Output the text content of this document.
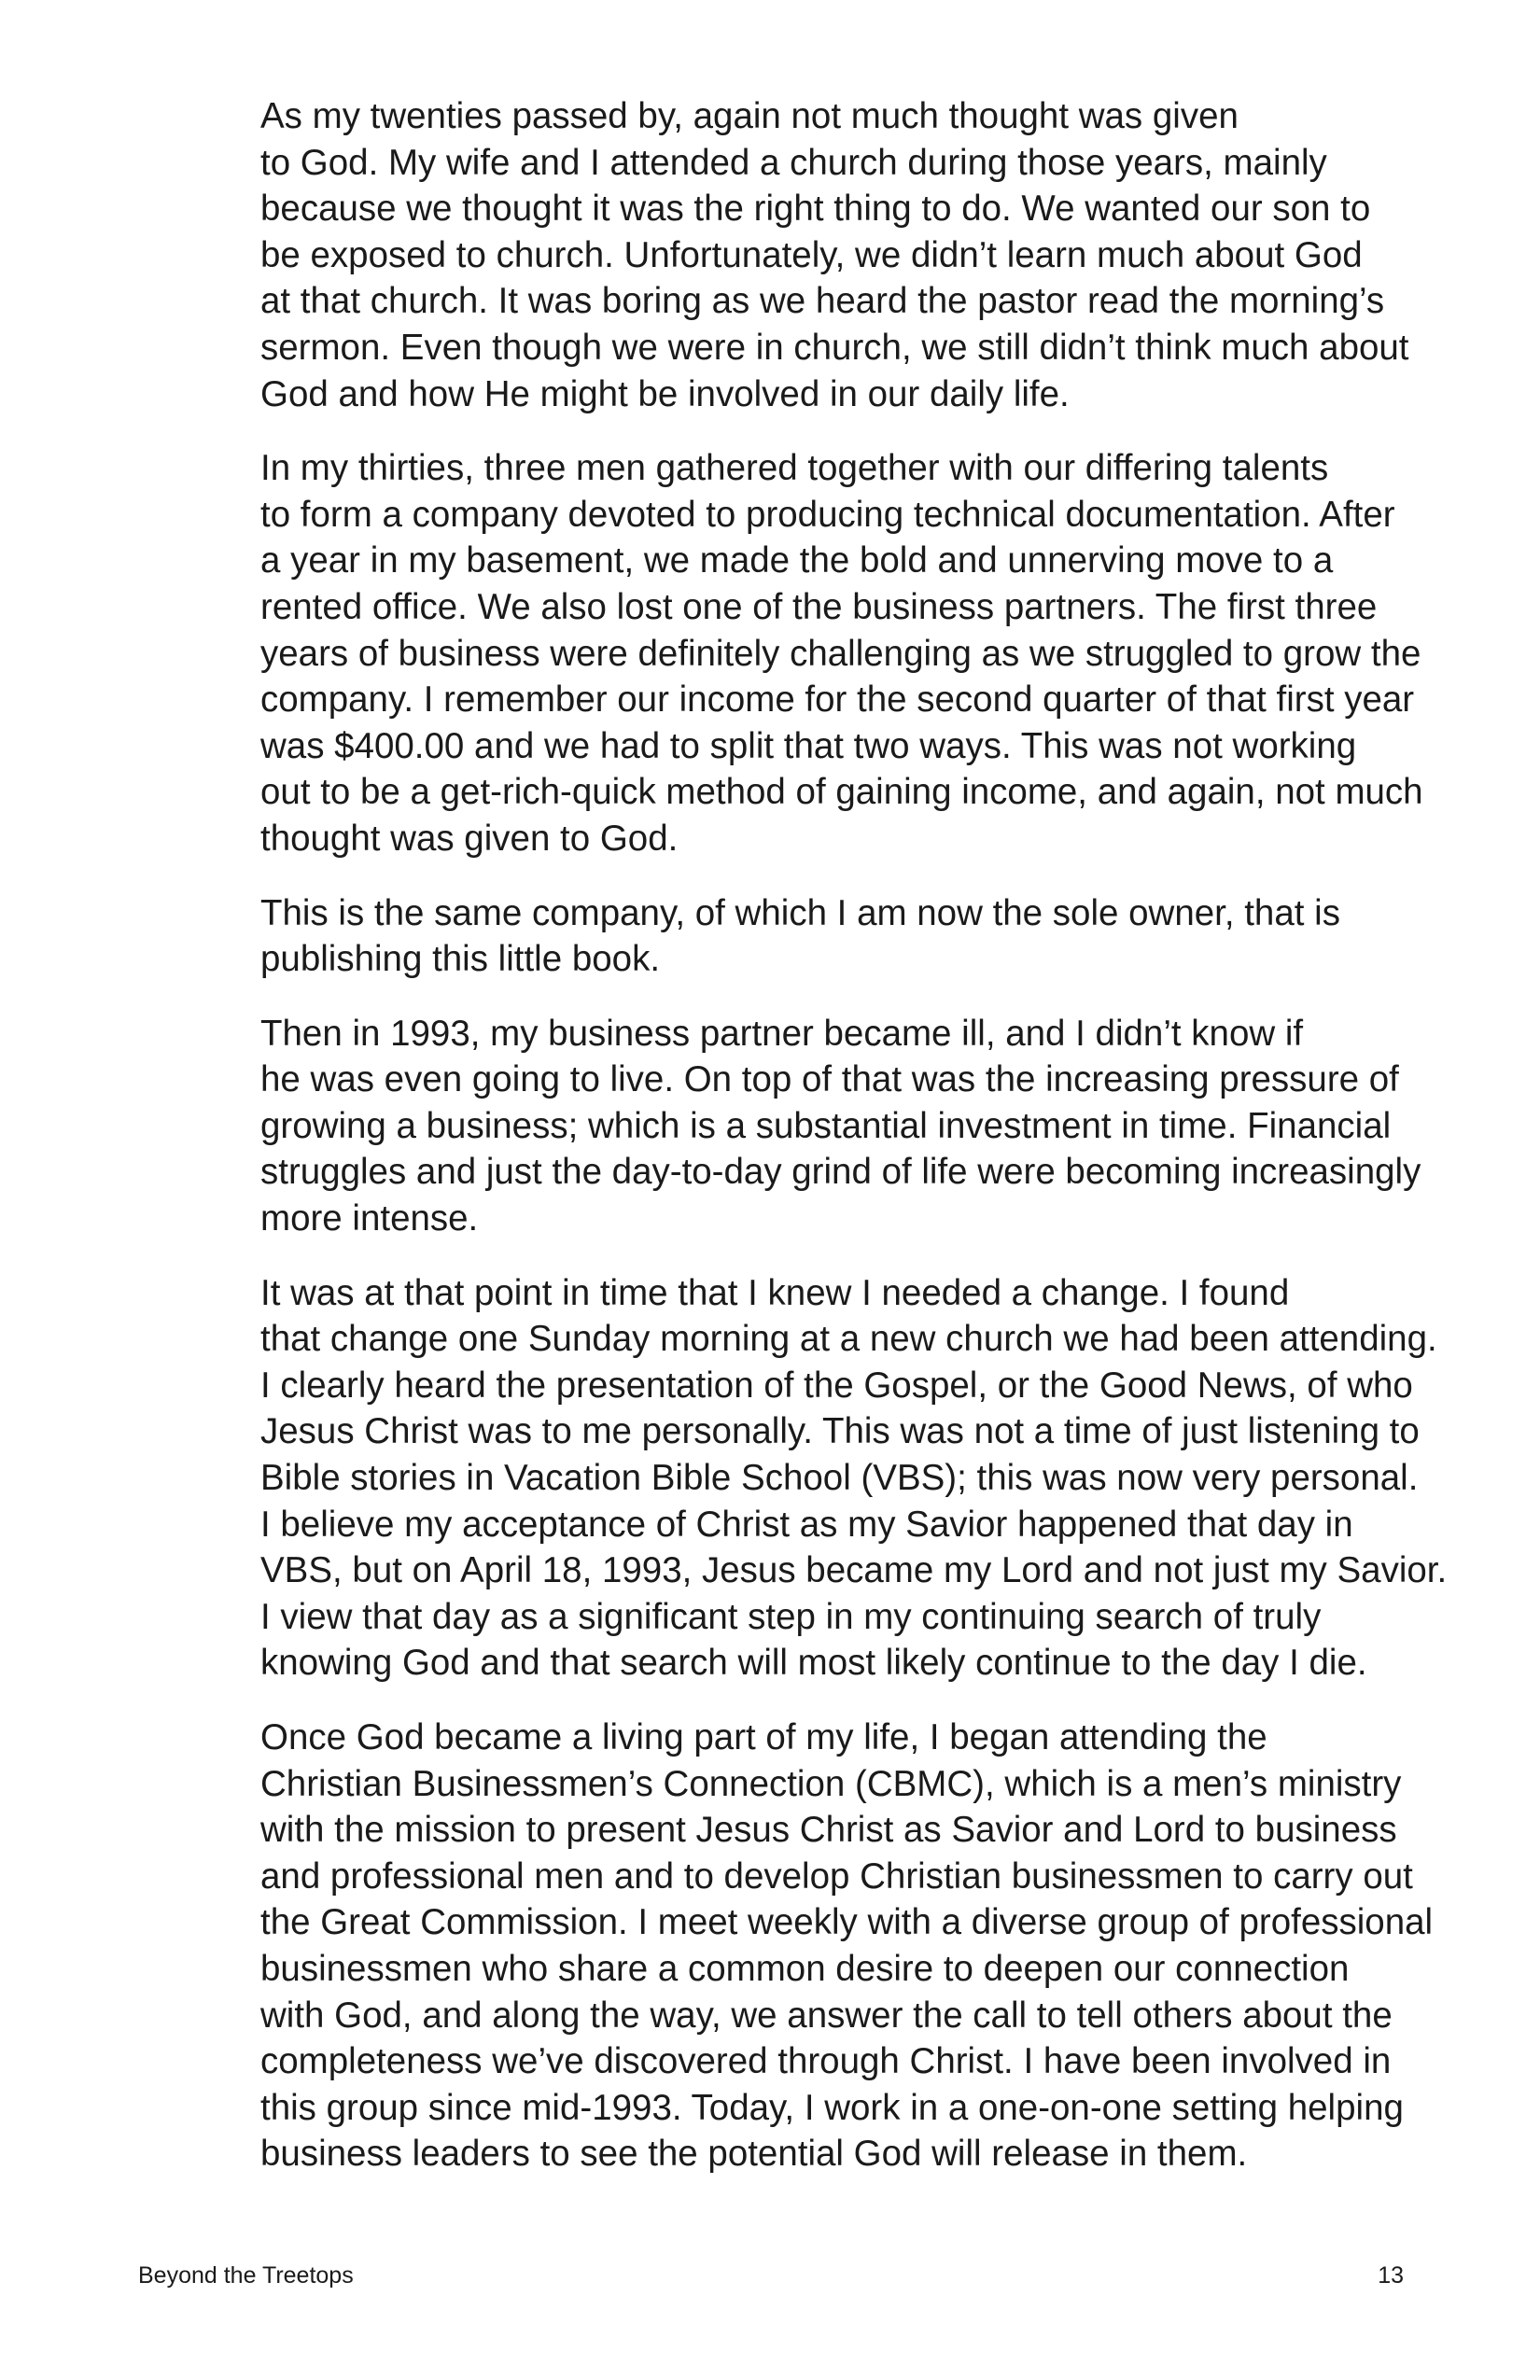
As my twenties passed by, again not much thought was given
to God. My wife and I attended a church during those years, mainly
because we thought it was the right thing to do. We wanted our son to
be exposed to church. Unfortunately, we didn’t learn much about God
at that church. It was boring as we heard the pastor read the morning’s
sermon. Even though we were in church, we still didn’t think much about
God and how He might be involved in our daily life.

In my thirties, three men gathered together with our differing talents
to form a company devoted to producing technical documentation. After
a year in my basement, we made the bold and unnerving move to a
rented office. We also lost one of the business partners. The first three
years of business were definitely challenging as we struggled to grow the
company. I remember our income for the second quarter of that first year
was $400.00 and we had to split that two ways. This was not working
out to be a get-rich-quick method of gaining income, and again, not much
thought was given to God.

This is the same company, of which I am now the sole owner, that is
publishing this little book.

Then in 1993, my business partner became ill, and I didn’t know if
he was even going to live. On top of that was the increasing pressure of
growing a business; which is a substantial investment in time. Financial
struggles and just the day-to-day grind of life were becoming increasingly
more intense.

It was at that point in time that I knew I needed a change. I found
that change one Sunday morning at a new church we had been attending.
I clearly heard the presentation of the Gospel, or the Good News, of who
Jesus Christ was to me personally. This was not a time of just listening to
Bible stories in Vacation Bible School (VBS); this was now very personal.
I believe my acceptance of Christ as my Savior happened that day in
VBS, but on April 18, 1993, Jesus became my Lord and not just my Savior.
I view that day as a significant step in my continuing search of truly
knowing God and that search will most likely continue to the day I die.

Once God became a living part of my life, I began attending the
Christian Businessmen’s Connection (CBMC), which is a men’s ministry
with the mission to present Jesus Christ as Savior and Lord to business
and professional men and to develop Christian businessmen to carry out
the Great Commission. I meet weekly with a diverse group of professional
businessmen who share a common desire to deepen our connection
with God, and along the way, we answer the call to tell others about the
completeness we’ve discovered through Christ. I have been involved in
this group since mid-1993. Today, I work in a one-on-one setting helping
business leaders to see the potential God will release in them.

Beyond the Treetops	13
